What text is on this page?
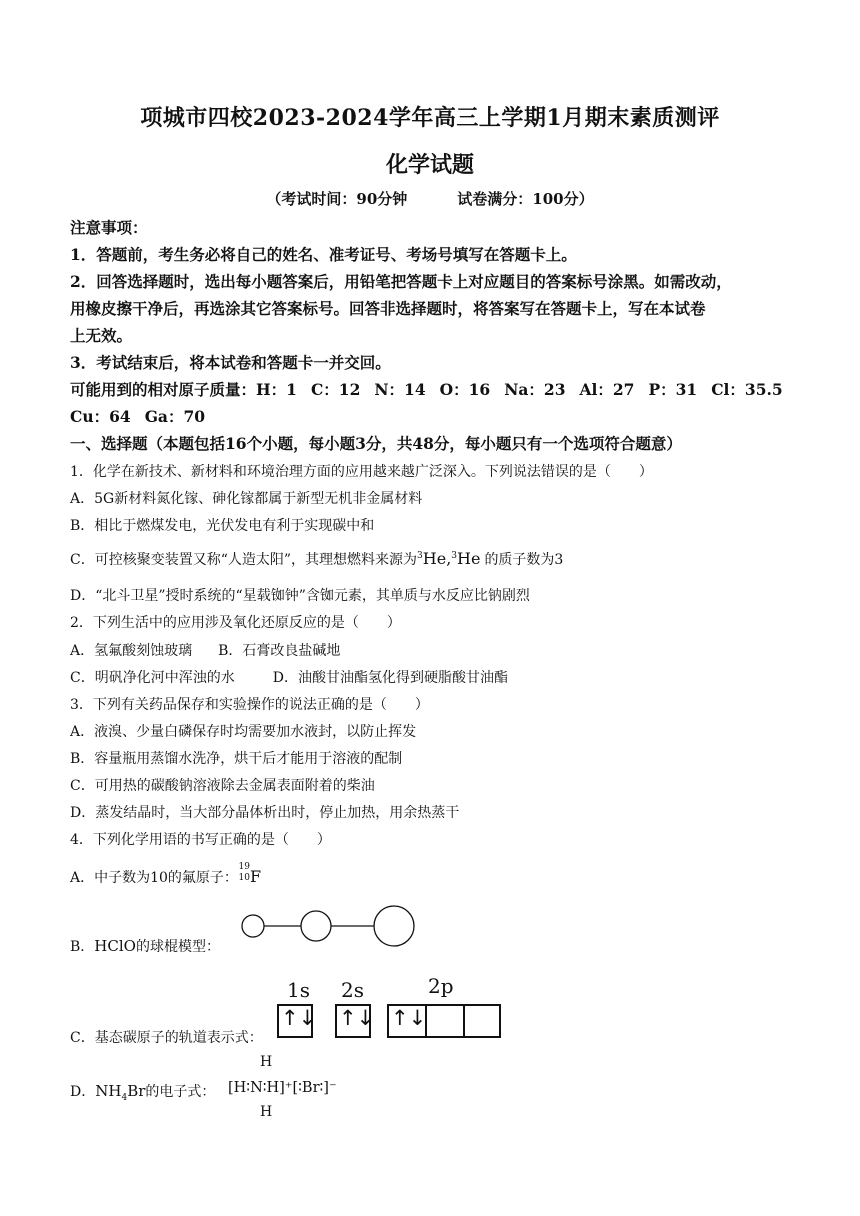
项城市四校2023-2024学年高三上学期1月期末素质测评
化学试题
（考试时间：90分钟	试卷满分：100分）
注意事项：
1．答题前，考生务必将自己的姓名、准考证号、考场号填写在答题卡上。
2．回答选择题时，选出每小题答案后，用铅笔把答题卡上对应题目的答案标号涂黑。如需改动，
用橡皮擦干净后，再选涂其它答案标号。回答非选择题时，将答案写在答题卡上，写在本试卷
上无效。
3．考试结束后，将本试卷和答题卡一并交回。
可能用到的相对原子质量：H：1 C：12 N：14 O：16 Na：23 Al：27 P：31 Cl：35.5
Cu：64 Ga：70
一、选择题（本题包括16个小题，每小题3分，共48分，每小题只有一个选项符合题意）
1．化学在新技术、新材料和环境治理方面的应用越来越广泛深入。下列说法错误的是（　　）
A．5G新材料氮化镓、砷化镓都属于新型无机非金属材料
B．相比于燃煤发电，光伏发电有利于实现碳中和
C．可控核聚变装置又称“人造太阳”，其理想燃料来源为$^3$He,$^3$He 的质子数为3
D．“北斗卫星”授时系统的“星载铷钟”含铷元素，其单质与水反应比钠剧烈
2．下列生活中的应用涉及氧化还原反应的是（　　）
A．氢氟酸刻蚀玻璃 B．石膏改良盐碱地
C．明矾净化河中浑浊的水	D．油酸甘油酯氢化得到硬脂酸甘油酯
3．下列有关药品保存和实验操作的说法正确的是（　　）
A．液溴、少量白磷保存时均需要加水液封，以防止挥发
B．容量瓶用蒸馏水洗净，烘干后才能用于溶液的配制
C．可用热的碳酸钠溶液除去金属表面附着的柴油
D．蒸发结晶时，当大部分晶体析出时，停止加热，用余热蒸干
4．下列化学用语的书写正确的是（　　）
A．中子数为10的氟原子：
19
10 F
B．HClO的球棍模型：
C．基态碳原子的轨道表示式：
1s 2s	2p
↑↓ ↑↓ ↑↓
D．$NH_4Br$的电子式：
H
[H∶N∶H]⁺[∶Br∶]⁻
H
